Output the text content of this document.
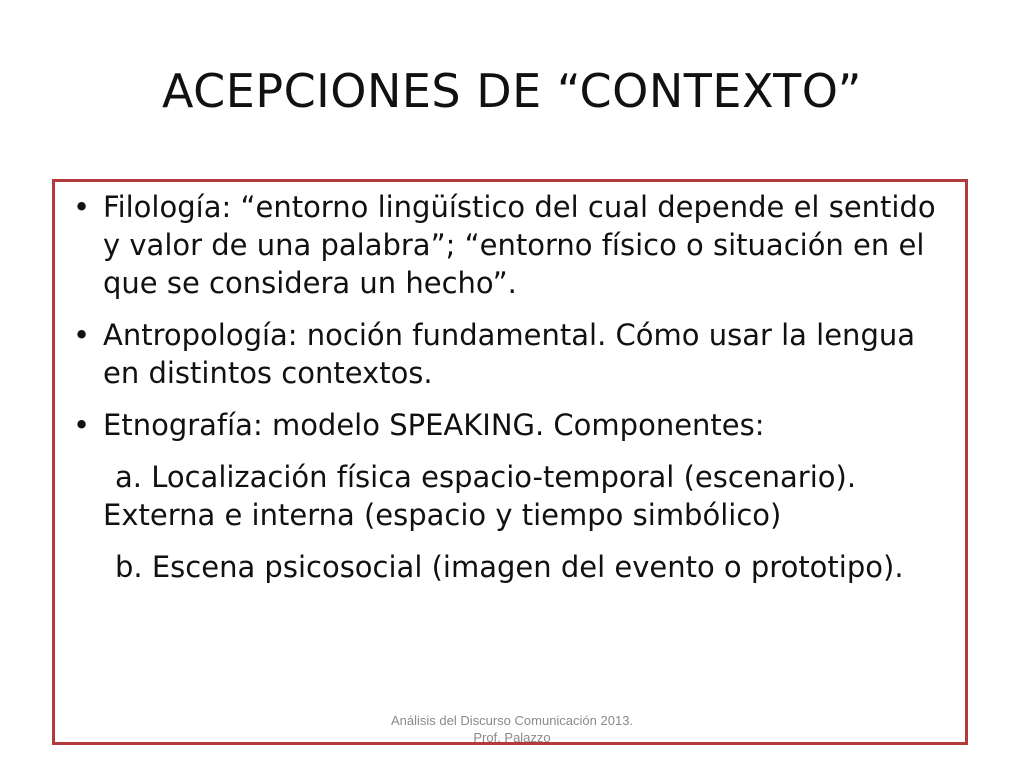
ACEPCIONES DE “CONTEXTO”
• Filología: “entorno lingüístico del cual depende el sentido y valor de una palabra”; “entorno físico o situación en el que se considera un hecho”.
• Antropología: noción fundamental. Cómo usar la lengua en distintos contextos.
• Etnografía: modelo SPEAKING. Componentes:
a. Localización física espacio-temporal (escenario). Externa e interna (espacio y tiempo simbólico)
b. Escena psicosocial (imagen del evento o prototipo).
Análisis del Discurso Comunicación 2013.
Prof. Palazzo
